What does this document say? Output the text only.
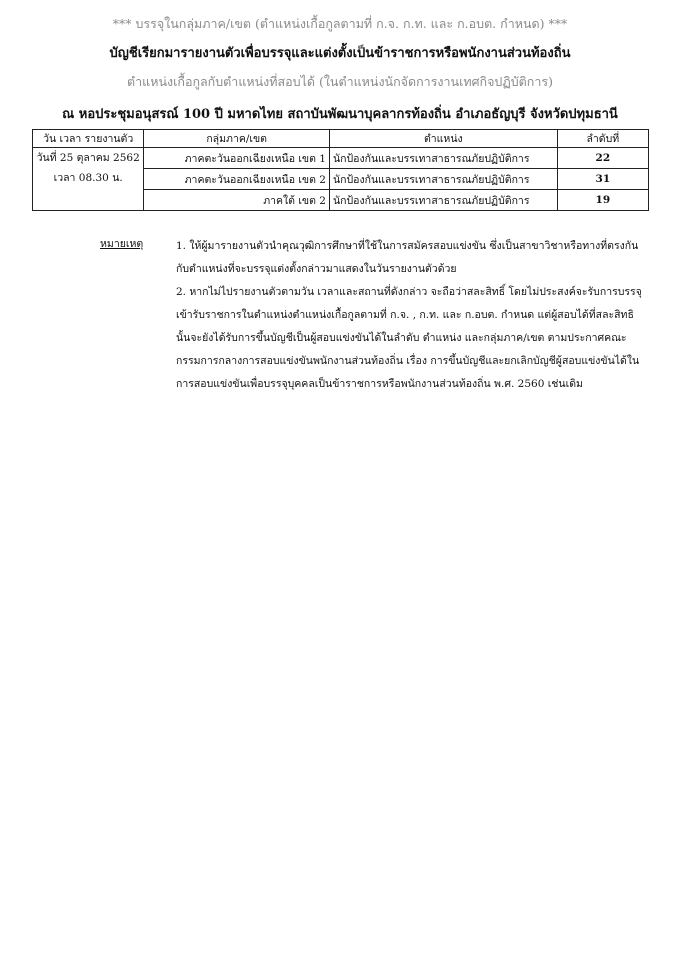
*** บรรจุในกลุ่มภาค/เขต (ตำแหน่งเกื้อกูลตามที่ ก.จ. ก.ท. และ ก.อบต. กำหนด) ***
บัญชีเรียกมารายงานตัวเพื่อบรรจุและแต่งตั้งเป็นข้าราชการหรือพนักงานส่วนท้องถิ่น
ตำแหน่งเกื้อกูลกับตำแหน่งที่สอบได้ (ในตำแหน่งนักจัดการงานเทศกิจปฏิบัติการ)
ณ หอประชุมอนุสรณ์ 100 ปี มหาดไทย สถาบันพัฒนาบุคลากรท้องถิ่น อำเภอธัญบุรี จังหวัดปทุมธานี
วัน เวลา รายงานตัว	กลุ่มภาค/เขต	ตำแหน่ง	ลำดับที่

วันที่ 25 ตุลาคม 2562
เวลา 08.30 น.	ภาคตะวันออกเฉียงเหนือ เขต 1	นักป้องกันและบรรเทาสาธารณภัยปฏิบัติการ	22
	ภาคตะวันออกเฉียงเหนือ เขต 2	นักป้องกันและบรรเทาสาธารณภัยปฏิบัติการ	31
	ภาคใต้ เขต 2	นักป้องกันและบรรเทาสาธารณภัยปฏิบัติการ	19
หมายเหตุ	1. ให้ผู้มารายงานตัวนำคุณวุฒิการศึกษาที่ใช้ในการสมัครสอบแข่งขัน ซึ่งเป็นสาขาวิชาหรือทางที่ตรงกันกับตำแหน่งที่จะบรรจุแต่งตั้งกล่าวมาแสดงในวันรายงานตัวด้วย

2. หากไม่ไปรายงานตัวตามวัน เวลาและสถานที่ดังกล่าว จะถือว่าสละสิทธิ์ โดยไม่ประสงค์จะรับการบรรจุ เข้ารับราชการในตำแหน่งตำแหน่งเกื้อกูลตามที่ ก.จ. , ก.ท. และ ก.อบต. กำหนด แต่ผู้สอบได้ที่สละสิทธินั้นจะยังได้รับการขึ้นบัญชีเป็นผู้สอบแข่งขันได้ในลำดับ ตำแหน่ง และกลุ่มภาค/เขต ตามประกาศคณะกรรมการกลางการสอบแข่งขันพนักงานส่วนท้องถิ่น เรื่อง การขึ้นบัญชีและยกเลิกบัญชีผู้สอบแข่งขันได้ในการสอบแข่งขันเพื่อบรรจุบุคคลเป็นข้าราชการหรือพนักงานส่วนท้องถิ่น พ.ศ. 2560 เช่นเดิม
